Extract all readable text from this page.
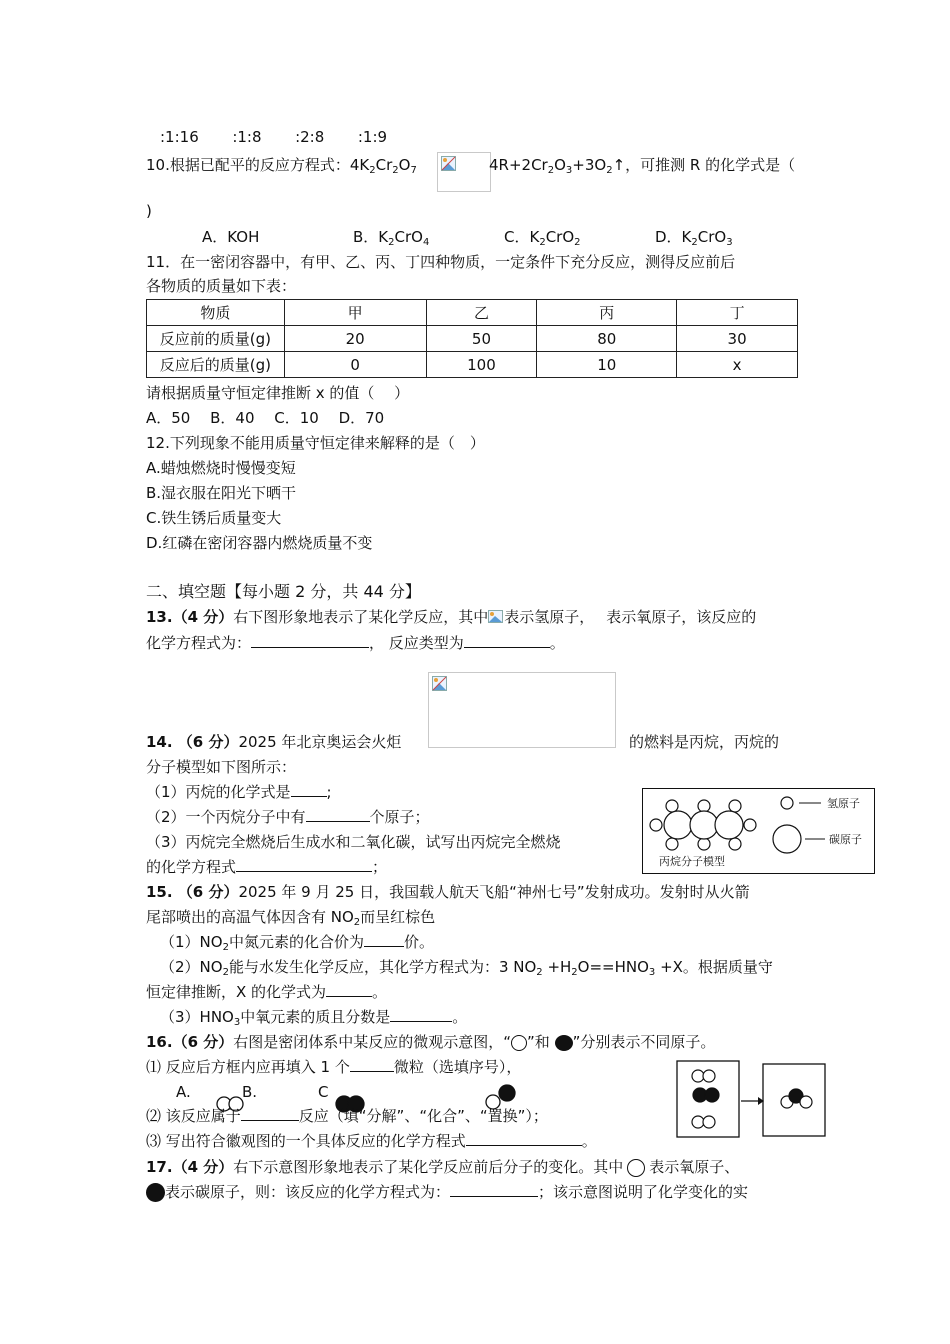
:1:16 :1:8 :2:8 :1:9
10.根据已配平的反应方程式：$4K_2Cr_2O_7$	$4R+2Cr_2O_3+3O_2↑$，可推测 R 的化学式是（
)
A．KOH	B．$K_2CrO_4$	C．$K_2CrO_2$	D．$K_2CrO_3$
11．在一密闭容器中，有甲、乙、丙、丁四种物质，一定条件下充分反应，测得反应前后
各物质的质量如下表：
物质	甲	乙	丙	丁
反应前的质量(g)	20	50	80	30
反应后的质量(g)	0	100	10	x
请根据质量守恒定律推断 x 的值（　 ）
A．50　 B．40　 C．10　 D．70
12.下列现象不能用质量守恒定律来解释的是（　）
A.蜡烛燃烧时慢慢变短
B.湿衣服在阳光下晒干
C.铁生锈后质量变大
D.红磷在密闭容器内燃烧质量不变
二、填空题【每小题 2 分，共 44 分】
13.（4 分）右下图形象地表示了某化学反应，其中 表示氢原子， 表示氧原子，该反应的
化学方程式为：	， 反应类型为	。
14. （6 分）2025 年北京奥运会火炬	的燃料是丙烷，丙烷的
分子模型如下图所示：
（1）丙烷的化学式是 ;
（2）一个丙烷分子中有	个原子；
（3）丙烷完全燃烧后生成水和二氧化碳，试写出丙烷完全燃烧
的化学方程式	；
氢原子
碳原子
丙烷分子模型
15. （6 分）2025 年 9 月 25 日，我国载人航天飞船“神州七号”发射成功。发射时从火箭
尾部喷出的高温气体因含有 $NO_2$而呈红棕色
$(1)NO_2$中氮元素的化合价为	价。
$(2)NO_2$能与水发生化学反应，其化学方程式为：3 $NO_2 +H_2O==HNO_3 +X$。根据质量守
恒定律推断，X 的化学式为	。
$(3)HNO_3$中氧元素的质且分数是	。
16.（6 分）右图是密闭体系中某反应的微观示意图，“ ”和 ”分别表示不同原子。
⑴ 反应后方框内应再填入 1 个	微粒（选填序号），
A.	B.	C
⑵ 该反应属于	反应（填“分解”、“化合”、“置换”）；
⑶ 写出符合徽观图的一个具体反应的化学方程式	。
17.（4 分）右下示意图形象地表示了某化学反应前后分子的变化。其中 表示氧原子、
表示碳原子，则：该反应的化学方程式为：	；该示意图说明了化学变化的实
